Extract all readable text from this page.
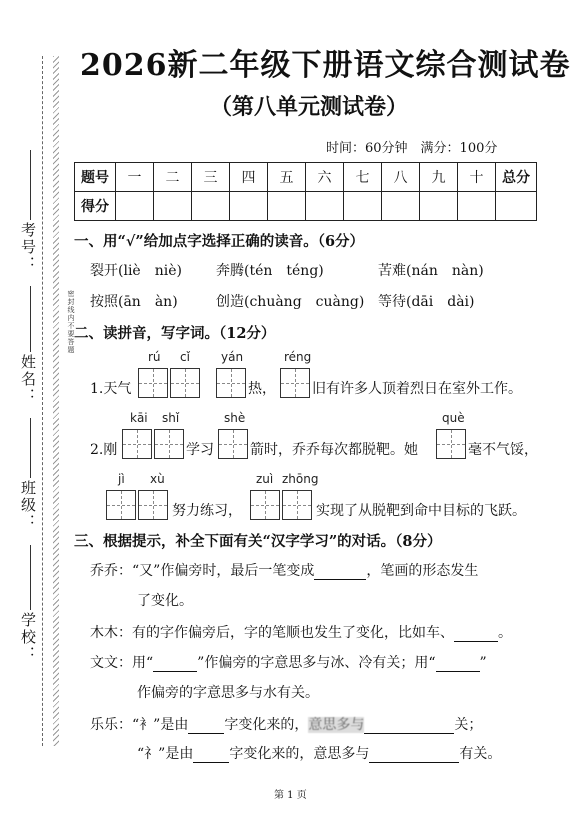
考号：
姓名：
班级：
学校：
密封线内不要答题
2026新二年级下册语文综合测试卷
（第八单元测试卷）
时间：60分钟　满分：100分
题号	一	二	三	四	五	六	七	八	九	十	总分
得分											
一、用“√”给加点字选择正确的读音。（6分）
裂开(liè　niè) 奔腾(tén　téng)	苦难(nán　nàn)
按照(ān　àn)	创造(chuàng　cuàng) 等待(dāi　dài)
二、读拼音，写字词。（12分）
rú cǐ	yán	réng
1.天气	热，	旧有许多人顶着烈日在室外工作。
kāi shǐ	shè	què
2.刚	学习	箭时，乔乔每次都脱靶。她	毫不气馁，
jì xù	zuì zhōng
努力练习，	实现了从脱靶到命中目标的飞跃。
三、根据提示，补全下面有关“汉字学习”的对话。（8分）
乔乔：“又”作偏旁时，最后一笔变成	，笔画的形态发生
了变化。
木木：有的字作偏旁后，字的笔顺也发生了变化，比如车、	。
文文：用“	”作偏旁的字意思多与冰、冷有关；用“	”
作偏旁的字意思多与水有关。
乐乐：“衤”是由	字变化来的，意思多与	关；
“礻”是由	字变化来的，意思多与	有关。
第 1 页
